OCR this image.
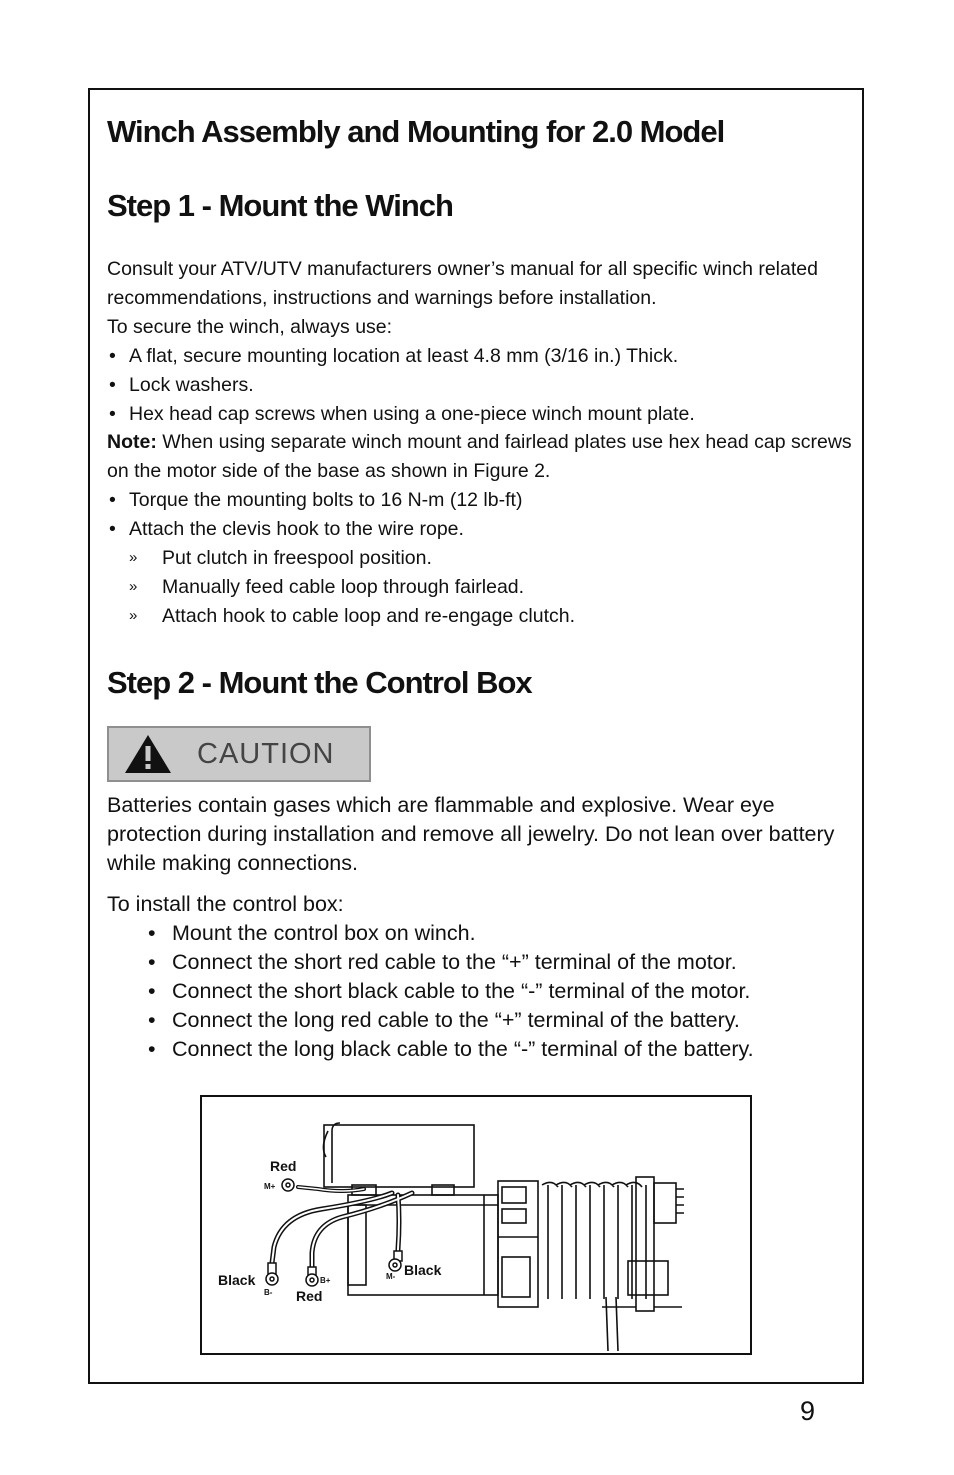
Winch Assembly and Mounting for 2.0 Model
Step 1 - Mount the Winch

Consult your ATV/UTV manufacturers owner’s manual for all specific winch related recommendations, instructions and warnings before installation.

To secure the winch, always use:

• A flat, secure mounting location at least 4.8 mm (3/16 in.) Thick.

• Lock washers.

• Hex head cap screws when using a one-piece winch mount plate.

Note: When using separate winch mount and fairlead plates use hex head cap screws on the motor side of the base as shown in Figure 2.

• Torque the mounting bolts to 16 N-m (12 lb-ft)

• Attach the clevis hook to the wire rope.

» Put clutch in freespool position.

» Manually feed cable loop through fairlead.

» Attach hook to cable loop and re-engage clutch.

Step 2 - Mount the Control Box
CAUTION

Batteries contain gases which are flammable and explosive. Wear eye protection during installation and remove all jewelry. Do not lean over battery while making connections.

To install the control box:

• Mount the control box on winch.
• Connect the short red cable to the “+” terminal of the motor.
• Connect the short black cable to the “-” terminal of the motor.
• Connect the long red cable to the “+” terminal of the battery.
• Connect the long black cable to the “-” terminal of the battery.
Red
M+
Black
B-
B+
Red
M- Black
9
